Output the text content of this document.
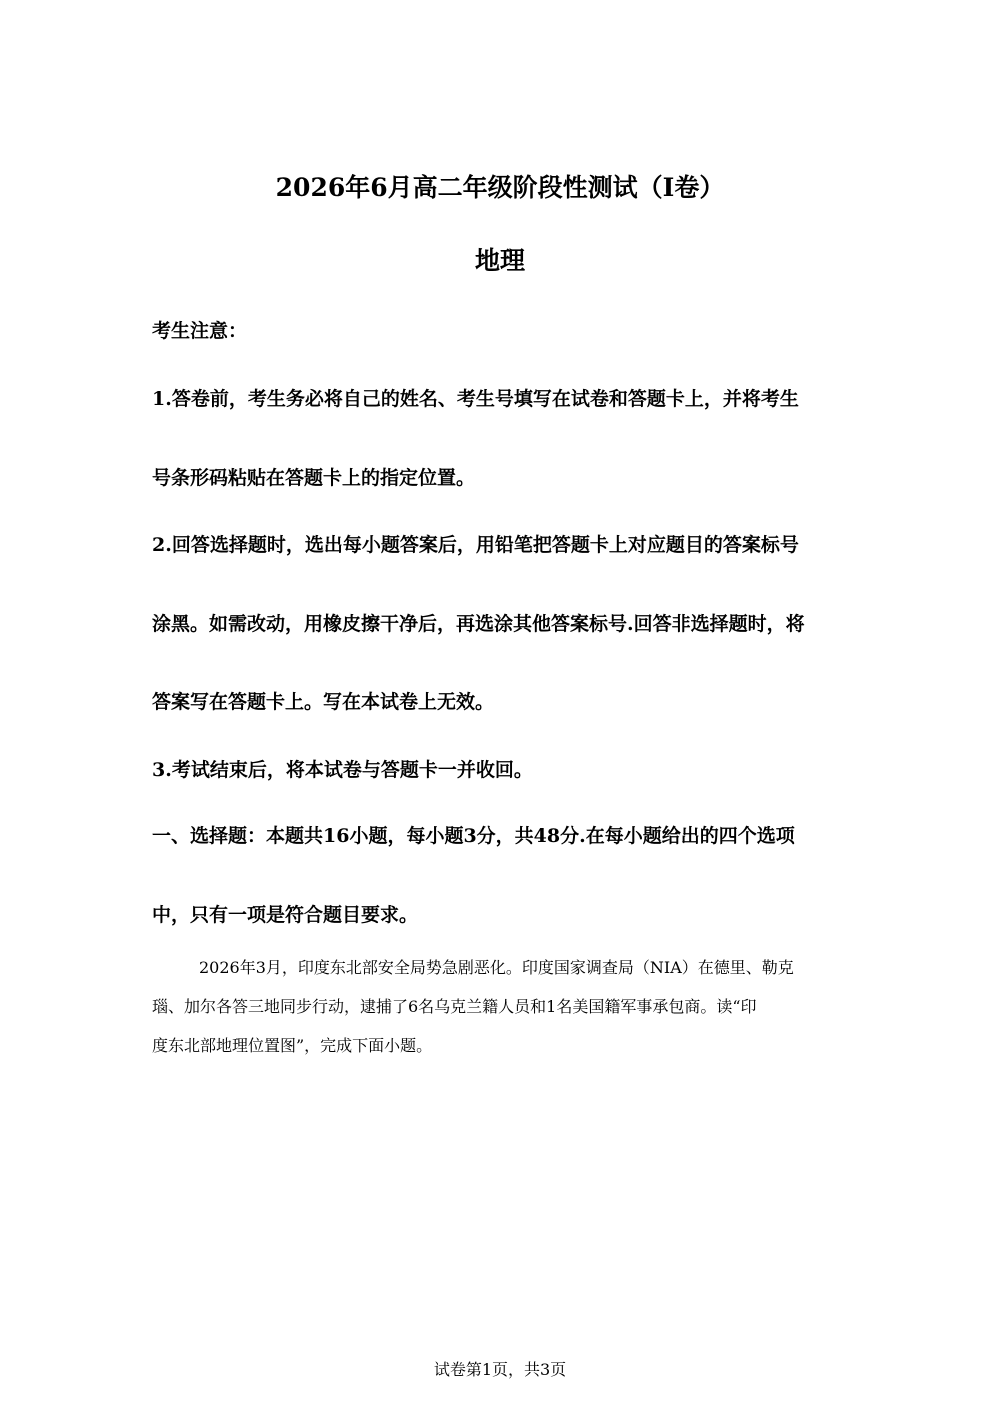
2026年6月高二年级阶段性测试（I卷）
地理

考生注意：

1.答卷前，考生务必将自己的姓名、考生号填写在试卷和答题卡上，并将考生

号条形码粘贴在答题卡上的指定位置。

2.回答选择题时，选出每小题答案后，用铅笔把答题卡上对应题目的答案标号

涂黑。如需改动，用橡皮擦干净后，再选涂其他答案标号.回答非选择题时，将

答案写在答题卡上。写在本试卷上无效。

3.考试结束后，将本试卷与答题卡一并收回。

一、选择题：本题共16小题，每小题3分，共48分.在每小题给出的四个选项

中，只有一项是符合题目要求。

2026年3月，印度东北部安全局势急剧恶化。印度国家调查局（NIA）在德里、勒克

瑙、加尔各答三地同步行动，逮捕了6名乌克兰籍人员和1名美国籍军事承包商。读“印

度东北部地理位置图”，完成下面小题。

试卷第1页，共3页
